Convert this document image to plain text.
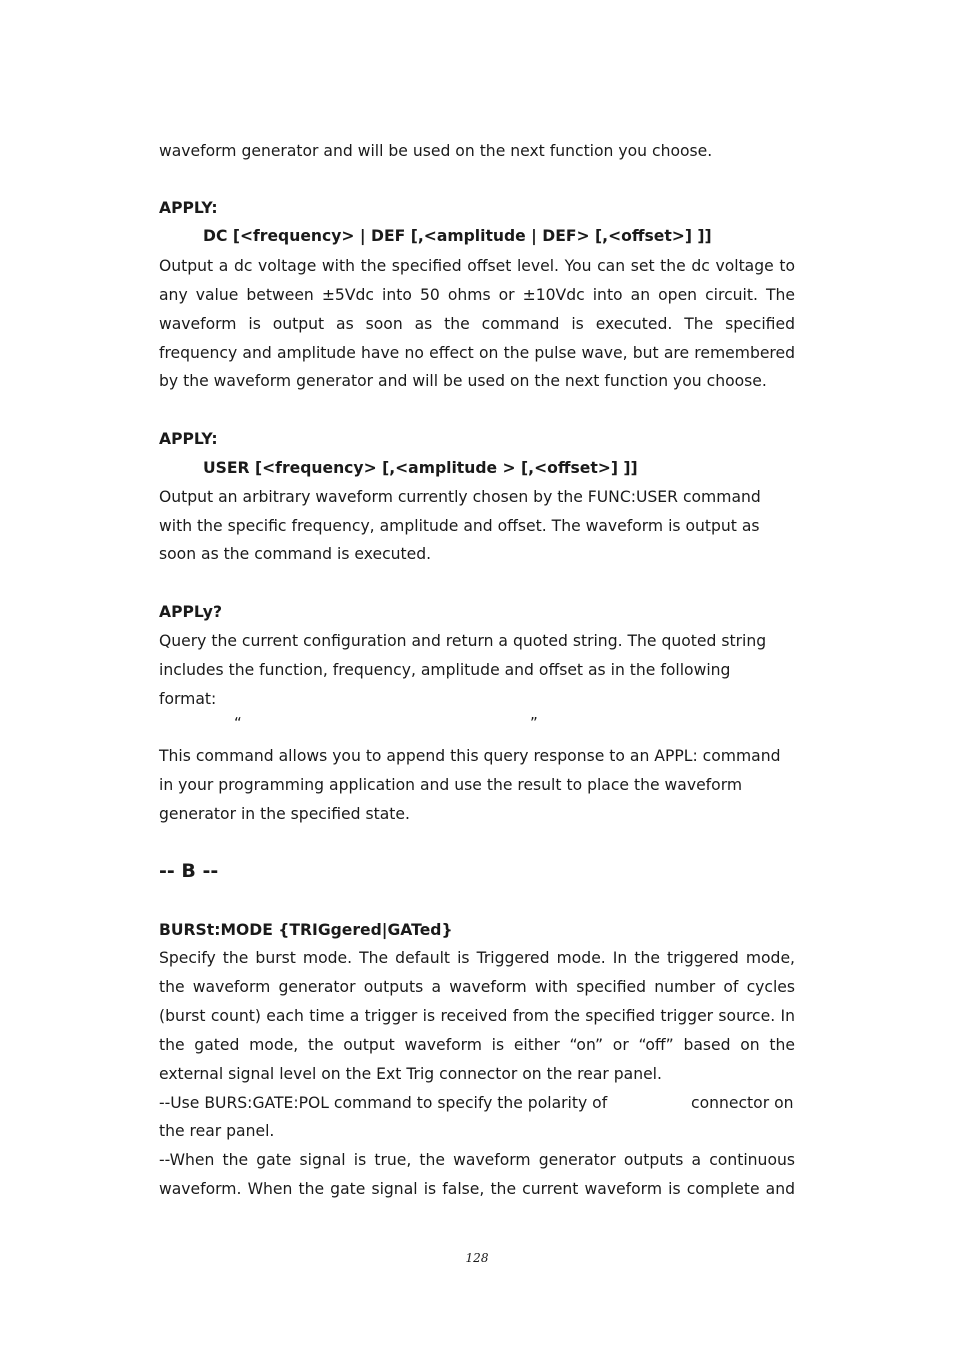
waveform generator and will be used on the next function you choose.

APPLY:

DC [<frequency> | DEF [,<amplitude | DEF> [,<offset>] ]]

Output a dc voltage with the specified offset level. You can set the dc voltage to

any value between ±5Vdc into 50 ohms or ±10Vdc into an open circuit. The

waveform is output as soon as the command is executed. The specified

frequency and amplitude have no effect on the pulse wave, but are remembered

by the waveform generator and will be used on the next function you choose.

APPLY:

USER [<frequency> [,<amplitude > [,<offset>] ]]

Output an arbitrary waveform currently chosen by the FUNC:USER command

with the specific frequency, amplitude and offset. The waveform is output as

soon as the command is executed.

APPLy?

Query the current configuration and return a quoted string. The quoted string

includes the function, frequency, amplitude and offset as in the following

format:

“	”

This command allows you to append this query response to an APPL: command

in your programming application and use the result to place the waveform

generator in the specified state.

-- B --

BURSt:MODE {TRIGgered|GATed}

Specify the burst mode. The default is Triggered mode. In the triggered mode,

the waveform generator outputs a waveform with specified number of cycles

(burst count) each time a trigger is received from the specified trigger source. In

the gated mode, the output waveform is either “on” or “off” based on the

external signal level on the Ext Trig connector on the rear panel.

--Use BURS:GATE:POL command to specify the polarity of	connector on

the rear panel.

--When the gate signal is true, the waveform generator outputs a continuous

waveform. When the gate signal is false, the current waveform is complete and

128
